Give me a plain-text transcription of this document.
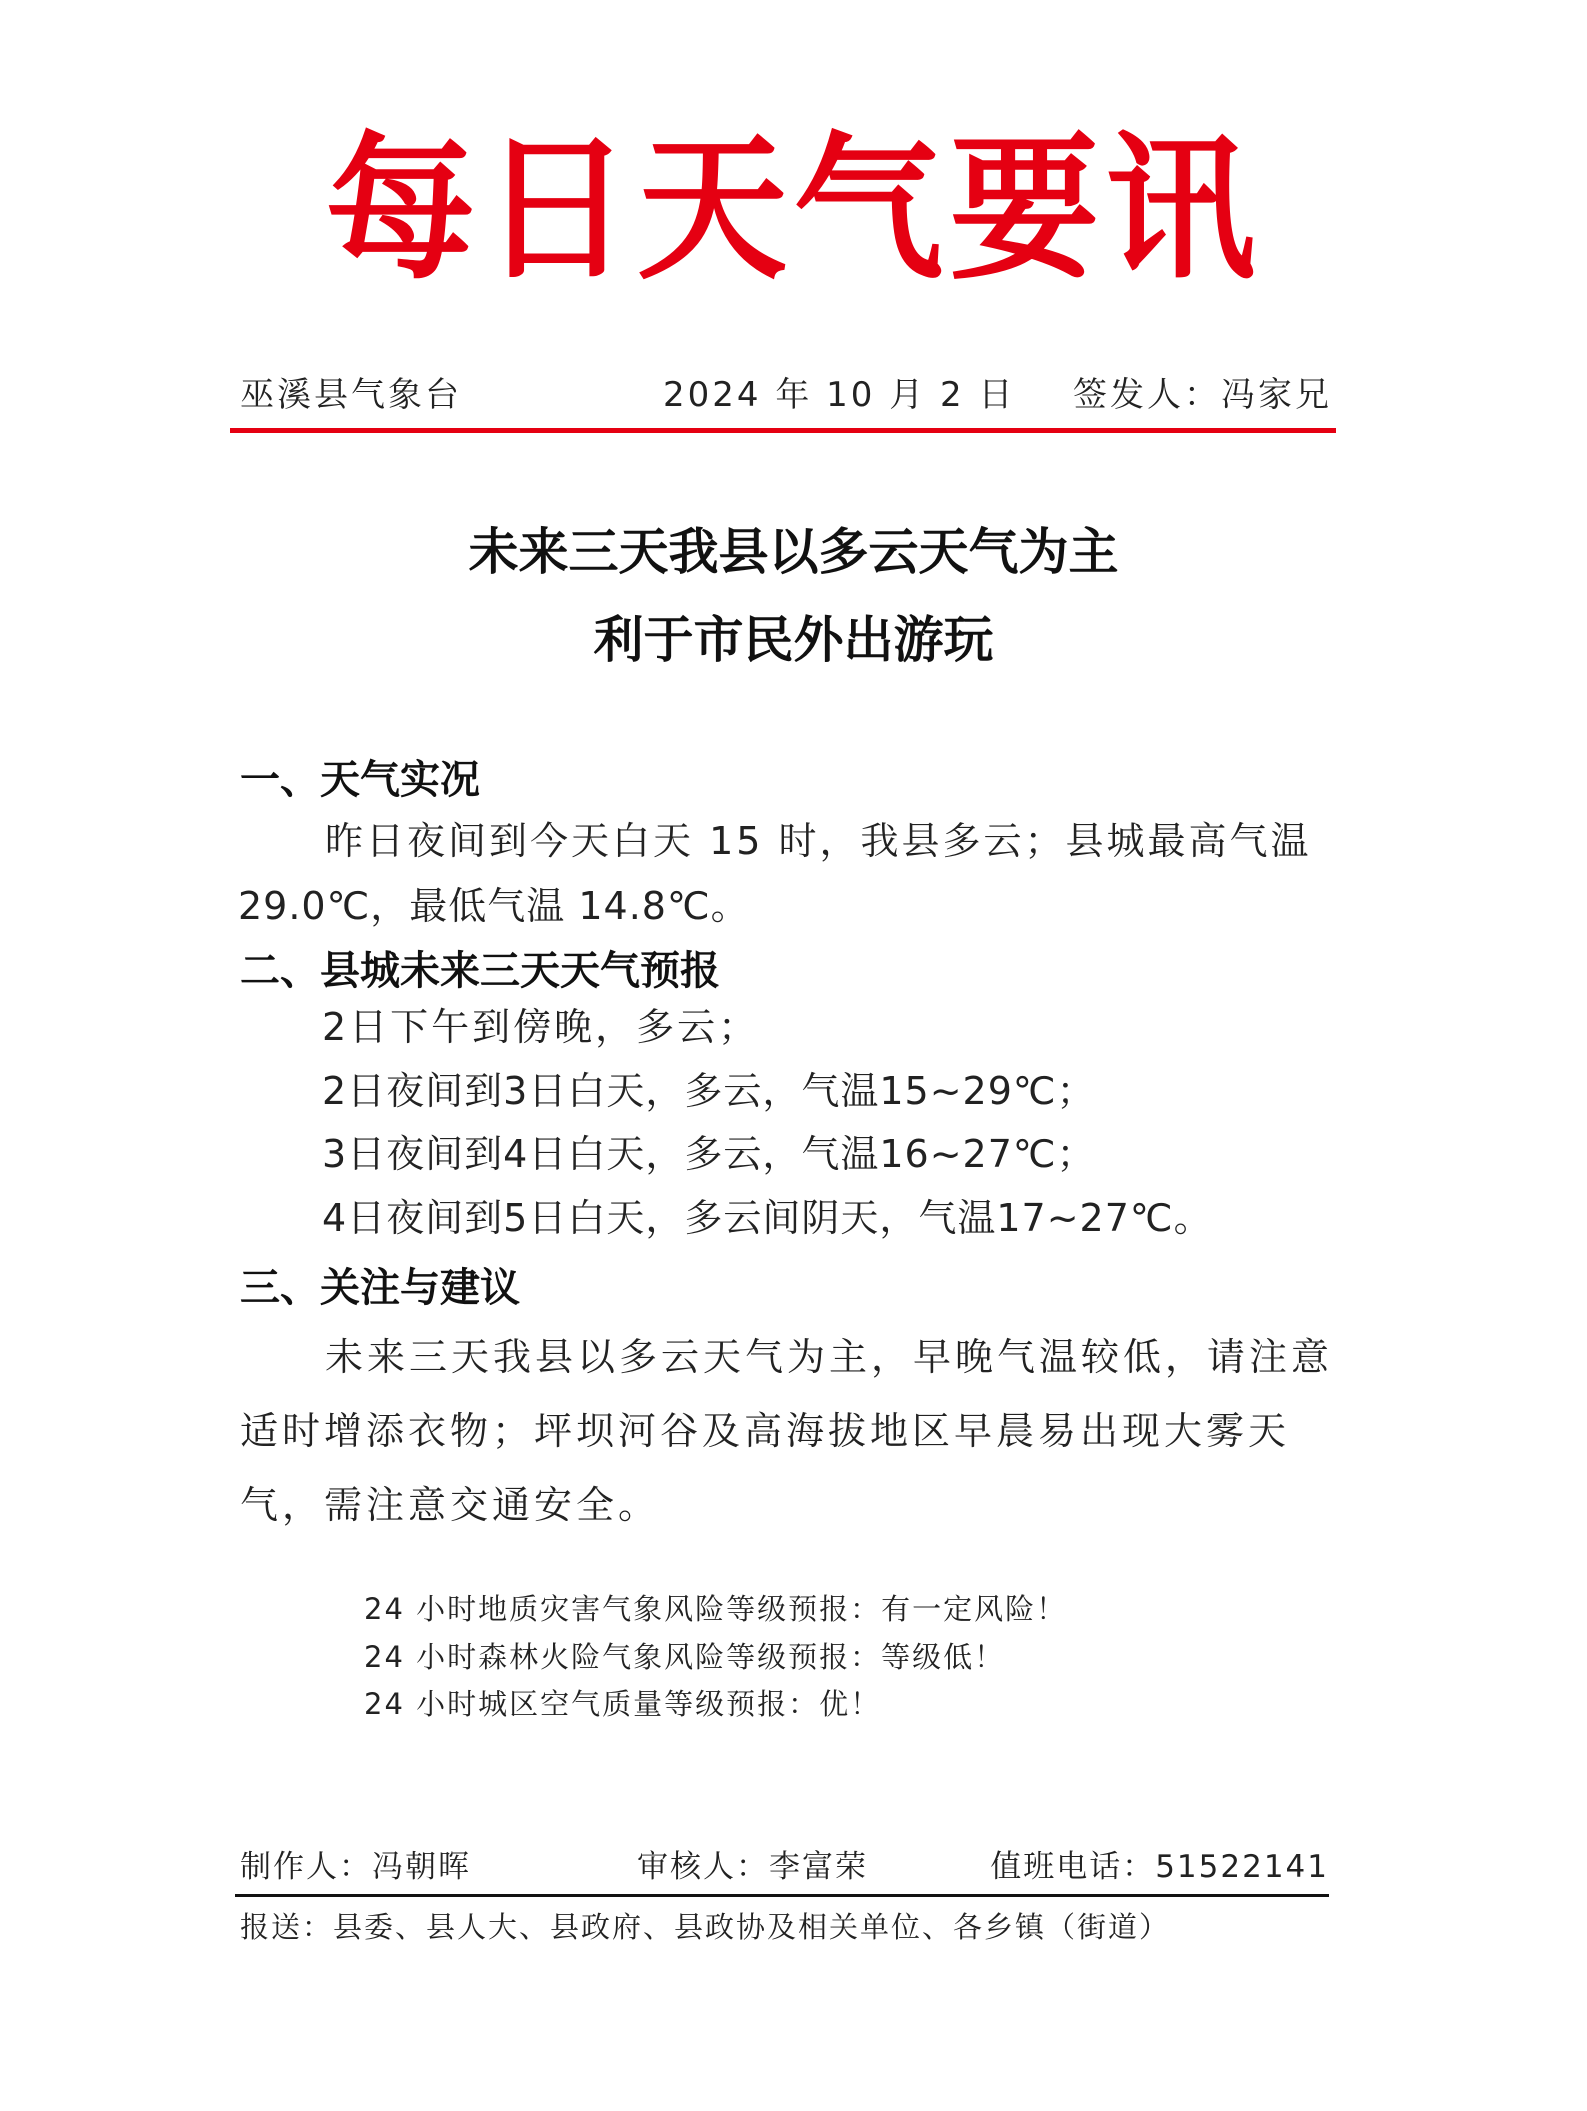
每日天气要讯
巫溪县气象台	2024 年 10 月 2 日 签发人：冯家兄
未来三天我县以多云天气为主
利于市民外出游玩
一、天气实况
昨日夜间到今天白天 15 时，我县多云；县城最高气温
29.0℃，最低气温 14.8℃。
二、县城未来三天天气预报
2日下午到傍晚，多云；
2日夜间到3日白天，多云，气温15~29℃；
3日夜间到4日白天，多云，气温16~27℃；
4日夜间到5日白天，多云间阴天，气温17~27℃。
三、关注与建议
未来三天我县以多云天气为主，早晚气温较低，请注意
适时增添衣物；坪坝河谷及高海拔地区早晨易出现大雾天
气，需注意交通安全。
24 小时地质灾害气象风险等级预报：有一定风险！
24 小时森林火险气象风险等级预报：等级低！
24 小时城区空气质量等级预报：优！
制作人：冯朝晖	审核人：李富荣	值班电话：51522141
报送：县委、县人大、县政府、县政协及相关单位、各乡镇（街道）
